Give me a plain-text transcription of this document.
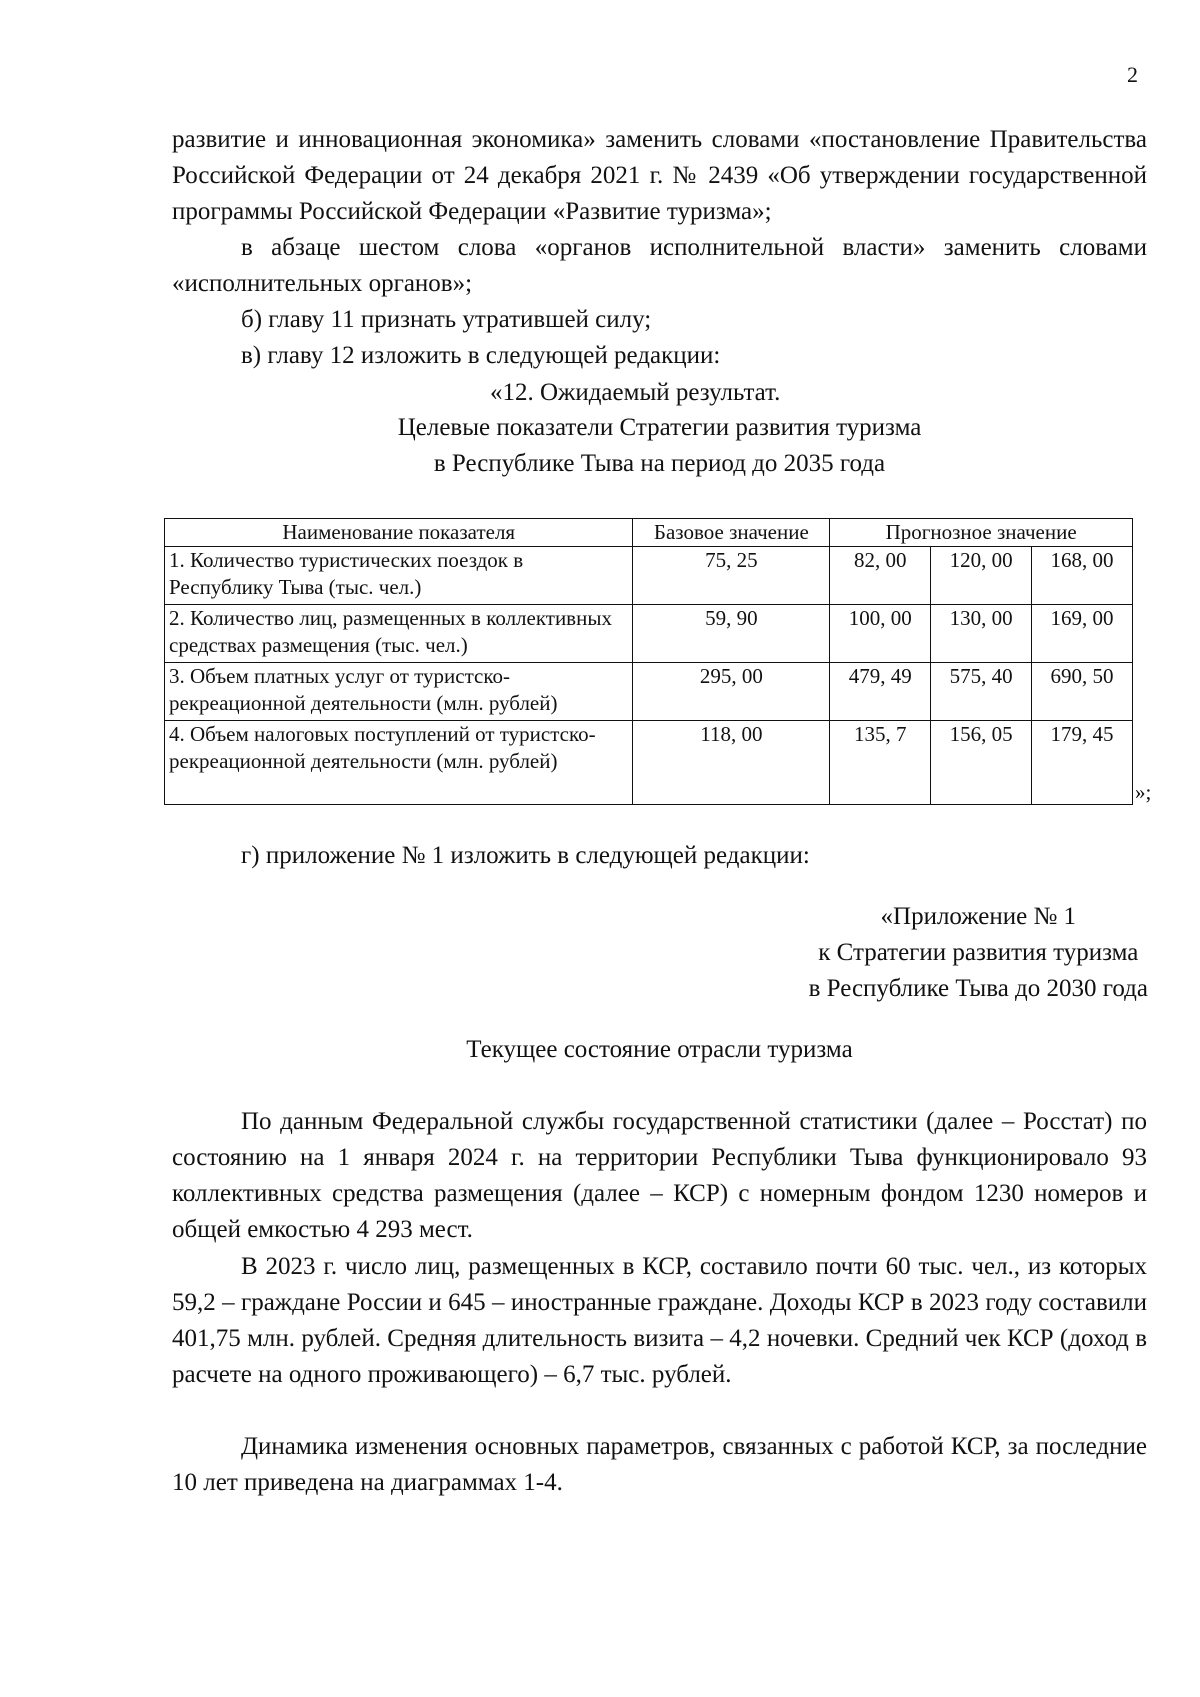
2

развитие и инновационная экономика» заменить словами «постановление Правительства Российской Федерации от 24 декабря 2021 г. № 2439 «Об утверждении государственной программы Российской Федерации «Развитие туризма»;

в абзаце шестом слова «органов исполнительной власти» заменить словами «исполнительных органов»;

б) главу 11 признать утратившей силу;

в) главу 12 изложить в следующей редакции:

«12. Ожидаемый результат.

Целевые показатели Стратегии развития туризма

в Республике Тыва на период до 2035 года

Наименование показателя	Базовое значение	Прогнозное значение		
1. Количество туристических поездок в Республику Тыва (тыс. чел.)	75, 25	82, 00	120, 00	168, 00
2. Количество лиц, размещенных в коллективных средствах размещения (тыс. чел.)	59, 90	100, 00	130, 00	169, 00
3. Объем платных услуг от туристско-рекреационной деятельности (млн. рублей)	295, 00	479, 49	575, 40	690, 50
4. Объем налоговых поступлений от туристско-рекреационной деятельности (млн. рублей)	118, 00	135, 7	156, 05	179, 45
»;

г) приложение № 1 изложить в следующей редакции:

«Приложение № 1
к Стратегии развития туризма
в Республике Тыва до 2030 года

Текущее состояние отрасли туризма

По данным Федеральной службы государственной статистики (далее – Росстат) по состоянию на 1 января 2024 г. на территории Республики Тыва функционировало 93 коллективных средства размещения (далее – КСР) с номерным фондом 1230 номеров и общей емкостью 4 293 мест.

В 2023 г. число лиц, размещенных в КСР, составило почти 60 тыс. чел., из которых 59,2 – граждане России и 645 – иностранные граждане. Доходы КСР в 2023 году составили 401,75 млн. рублей. Средняя длительность визита – 4,2 ночевки. Средний чек КСР (доход в расчете на одного проживающего) – 6,7 тыс. рублей.

Динамика изменения основных параметров, связанных с работой КСР, за последние 10 лет приведена на диаграммах 1-4.
